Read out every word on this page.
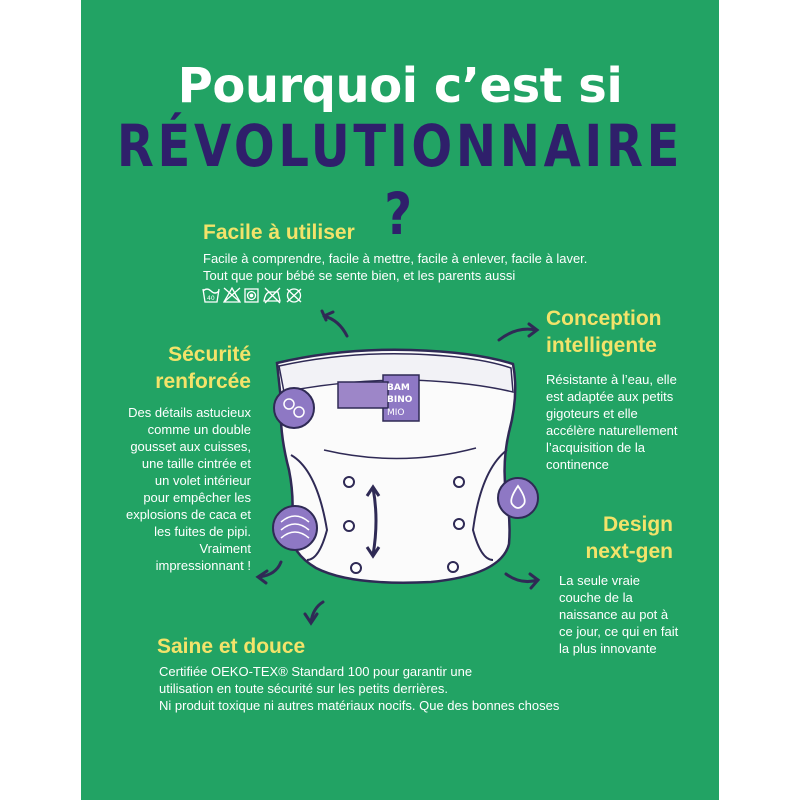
Pourquoi c’est si
RÉVOLUTIONNAIRE ?
Facile à utiliser
Facile à comprendre, facile à mettre, facile à enlever, facile à laver.
Tout que pour bébé se sente bien, et les parents aussi
40
Conception
intelligente
Résistante à l’eau, elle
est adaptée aux petits
gigoteurs et elle
accélère naturellement
l’acquisition de la
continence
Sécurité
renforcée
Des détails astucieux
comme un double
gousset aux cuisses,
une taille cintrée et
un volet intérieur
pour empêcher les
explosions de caca et
les fuites de pipi.
Vraiment
impressionnant !
Design
next-gen
La seule vraie
couche de la
naissance au pot à
ce jour, ce qui en fait
la plus innovante
Saine et douce
Certifiée OEKO-TEX® Standard 100 pour garantir une
utilisation en toute sécurité sur les petits derrières.
Ni produit toxique ni autres matériaux nocifs. Que des bonnes choses
BAM
BINO
MIO
